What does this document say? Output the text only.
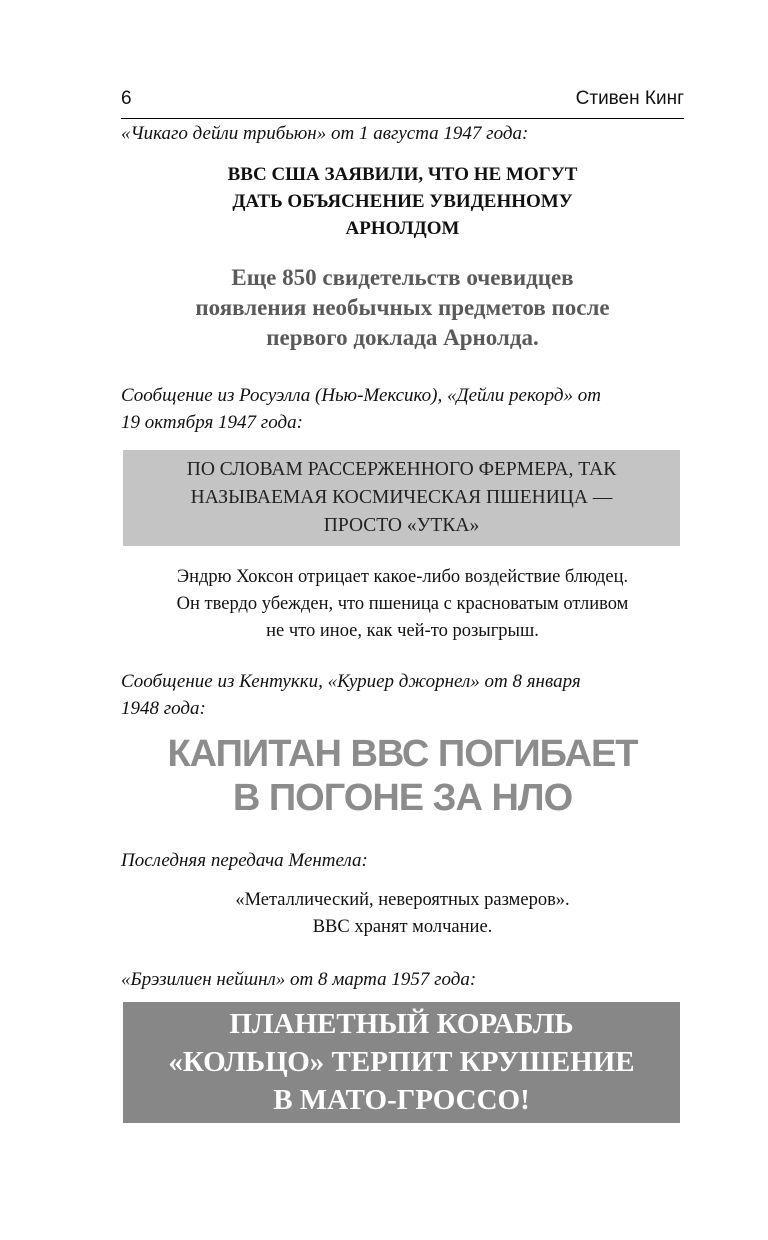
6	Стивен Кинг
«Чикаго дейли трибьюн» от 1 августа 1947 года:
ВВС США ЗАЯВИЛИ, ЧТО НЕ МОГУТ
ДАТЬ ОБЪЯСНЕНИЕ УВИДЕННОМУ
АРНОЛДОМ
Еще 850 свидетельств очевидцев
появления необычных предметов после
первого доклада Арнолда.
Сообщение из Росуэлла (Нью-Мексико), «Дейли рекорд» от
19 октября 1947 года:
ПО СЛОВАМ РАССЕРЖЕННОГО ФЕРМЕРА, ТАК
НАЗЫВАЕМАЯ КОСМИЧЕСКАЯ ПШЕНИЦА —
ПРОСТО «УТКА»
Эндрю Хоксон отрицает какое-либо воздействие блюдец.
Он твердо убежден, что пшеница с красноватым отливом
не что иное, как чей-то розыгрыш.
Сообщение из Кентукки, «Куриер джорнел» от 8 января
1948 года:
КАПИТАН ВВС ПОГИБАЕТ
В ПОГОНЕ ЗА НЛО
Последняя передача Ментела:
«Металлический, невероятных размеров».
ВВС хранят молчание.
«Брэзилиен нейшнл» от 8 марта 1957 года:
ПЛАНЕТНЫЙ КОРАБЛЬ
«КОЛЬЦО» ТЕРПИТ КРУШЕНИЕ
В МАТО-ГРОССО!
